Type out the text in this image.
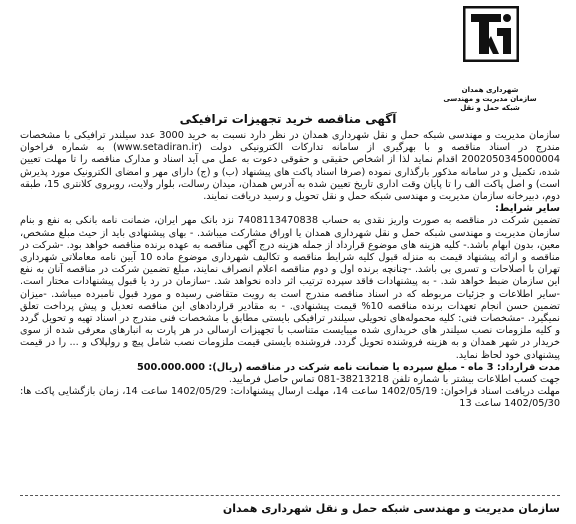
شهرداری همدان
سازمان مدیریت و مهندسی
شبکه حمل و نقل
آگهی مناقصه خرید تجهیزات ترافیکی

سازمان مدیریت و مهندسی شبکه حمل و نقل شهرداری همدان در نظر دارد نسبت به خرید 3000 عدد سیلندر ترافیکی با مشخصات مندرج در اسناد مناقصه و با بهرگیری از سامانه تدارکات الکترونیکی دولت (www.setadiran.ir) به شماره فراخوان 2002050345000004 اقدام نماید لذا از اشخاص حقیقی و حقوقی دعوت به عمل می آید اسناد و مدارک مناقصه را تا مهلت تعیین شده، تکمیل و در سامانه مذکور بارگذاری نموده (صرفا اسناد پاکت های پیشنهاد (ب) و (ج) دارای مهر و امضای الکترونیک مورد پذیرش است) و اصل پاکت الف را تا پایان وقت اداری تاریخ تعیین شده به آدرس همدان، میدان رسالت، بلوار ولایت، روبروی کلانتری 15، طبقه دوم، دبیرخانه سازمان مدیریت و مهندسی شبکه حمل و نقل تحویل و رسید دریافت نمایند.

سایر شرایط:

تضمین شرکت در مناقصه به صورت واریز نقدی به حساب 7408113470838 نزد بانک مهر ایران، ضمانت نامه بانکی به نفع و بنام سازمان مدیریت و مهندسی شبکه حمل و نقل شهرداری همدان یا اوراق مشارکت میباشد. - بهای پیشنهادی باید از حیث مبلغ مشخص، معین، بدون ابهام باشد.- کلیه هزینه های موضوع قرارداد از جمله هزینه درج آگهی مناقصه به عهده برنده مناقصه خواهد بود. -شرکت در مناقصه و ارائه پیشنهاد قیمت به منزله قبول کلیه شرایط مناقصه و تکالیف شهرداری موضوع ماده 10 آیین نامه معاملاتی شهرداری تهران با اصلاحات و تسری بی باشد. -چنانچه برنده اول و دوم مناقصه اعلام انصراف نمایند، مبلغ تضمین شرکت در مناقصه آنان به نفع این سازمان ضبط خواهد شد. - به پیشنهادات فاقد سپرده ترتیب اثر داده نخواهد شد. -سازمان در رد یا قبول پیشنهادات مختار است. -سایر اطلاعات و جزئیات مربوطه که در اسناد مناقصه مندرج است به رویت متقاضی رسیده و مورد قبول نامبرده میباشد. -میزان تضمین حسن انجام تعهدات برنده مناقصه 10% قیمت پیشنهادی. - به مقادیر قراردادهای این مناقصه تعدیل و پیش پرداخت تعلق نمیگیرد. -مشخصات فنی: کلیه محموله‌های تحویلی سیلندر ترافیکی بایستی مطابق با مشخصات فنی مندرج در اسناد تهیه و تحویل گردد و کلیه ملزومات نصب سیلندر های خریداری شده میبایست متناسب با تجهیزات ارسالی در هر پارت به انبارهای معرفی شده از سوی خریدار در شهر همدان و به هزینه فروشنده تحویل گردد. فروشنده بایستی قیمت ملزومات نصب شامل پیچ و رولپلاک و ... را در قیمت پیشنهادی خود لحاظ نماید.

مدت قرارداد: 3 ماه - مبلغ سپرده یا ضمانت نامه شرکت در مناقصه (ریال): 500.000.000

جهت کسب اطلاعات بیشتر با شماره تلفن 38213218-081 تماس حاصل فرمایید.

مهلت دریافت اسناد فراخوان: 1402/05/19 ساعت 14، مهلت ارسال پیشنهادات: 1402/05/29 ساعت 14، زمان بازگشایی پاکت ها: 1402/05/30 ساعت 13

سازمان مدیریت و مهندسی شبکه حمل و نقل شهرداری همدان
